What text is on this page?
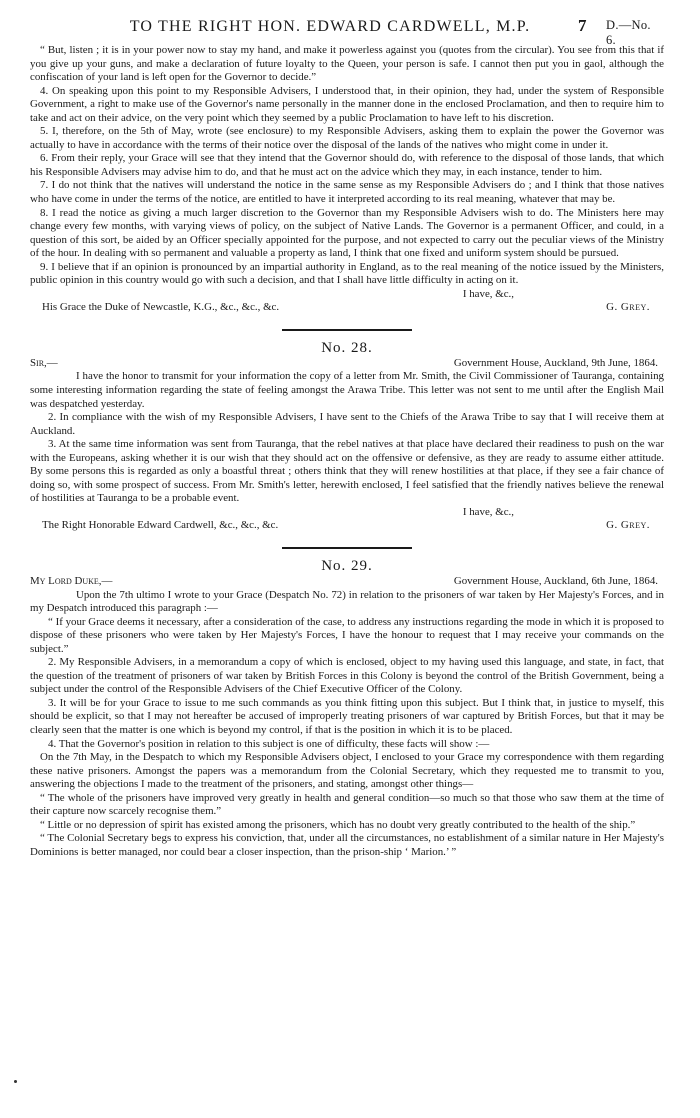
TO THE RIGHT HON. EDWARD CARDWELL, M.P.	7 D.—No. 6.

“ But, listen ; it is in your power now to stay my hand, and make it powerless against you (quotes from the circular). You see from this that if you give up your guns, and make a declaration of future loyalty to the Queen, your person is safe. I cannot then put you in gaol, although the confiscation of your land is left open for the Governor to decide.”

4. On speaking upon this point to my Responsible Advisers, I understood that, in their opinion, they had, under the system of Responsible Government, a right to make use of the Governor's name personally in the manner done in the enclosed Proclamation, and then to require him to take and act on their advice, on the very point which they seemed by a public Proclamation to have left to his discretion.

5. I, therefore, on the 5th of May, wrote (see enclosure) to my Responsible Advisers, asking them to explain the power the Governor was actually to have in accordance with the terms of their notice over the disposal of the lands of the natives who might come in under it.

6. From their reply, your Grace will see that they intend that the Governor should do, with reference to the disposal of those lands, that which his Responsible Advisers may advise him to do, and that he must act on the advice which they may, in each instance, tender to him.

7. I do not think that the natives will understand the notice in the same sense as my Responsible Advisers do ; and I think that those natives who have come in under the terms of the notice, are entitled to have it interpreted according to its real meaning, whatever that may be.

8. I read the notice as giving a much larger discretion to the Governor than my Responsible Advisers wish to do. The Ministers here may change every few months, with varying views of policy, on the subject of Native Lands. The Governor is a permanent Officer, and could, in a question of this sort, be aided by an Officer specially appointed for the purpose, and not expected to carry out the peculiar views of the Ministry of the hour. In dealing with so permanent and valuable a property as land, I think that one fixed and uniform system should be pursued.

9. I believe that if an opinion is pronounced by an impartial authority in England, as to the real meaning of the notice issued by the Ministers, public opinion in this country would go with such a decision, and that I shall have little difficulty in acting on it.

I have, &c.,
His Grace the Duke of Newcastle, K.G., &c., &c., &c.	G. Grey.
No. 28.
Sir,—	Government House, Auckland, 9th June, 1864.

I have the honor to transmit for your information the copy of a letter from Mr. Smith, the Civil Commissioner of Tauranga, containing some interesting information regarding the state of feeling amongst the Arawa Tribe. This letter was not sent to me until after the English Mail was despatched yesterday.

2. In compliance with the wish of my Responsible Advisers, I have sent to the Chiefs of the Arawa Tribe to say that I will receive them at Auckland.

3. At the same time information was sent from Tauranga, that the rebel natives at that place have declared their readiness to push on the war with the Europeans, asking whether it is our wish that they should act on the offensive or defensive, as they are ready to assume either attitude. By some persons this is regarded as only a boastful threat ; others think that they will renew hostilities at that place, if they see a fair chance of doing so, with some prospect of success. From Mr. Smith's letter, herewith enclosed, I feel satisfied that the friendly natives believe the renewal of hostilities at Tauranga to be a probable event.

I have, &c.,
The Right Honorable Edward Cardwell, &c., &c., &c.	G. Grey.
No. 29.
My Lord Duke,—	Government House, Auckland, 6th June, 1864.

Upon the 7th ultimo I wrote to your Grace (Despatch No. 72) in relation to the prisoners of war taken by Her Majesty's Forces, and in my Despatch introduced this paragraph :—

“ If your Grace deems it necessary, after a consideration of the case, to address any instructions regarding the mode in which it is proposed to dispose of these prisoners who were taken by Her Majesty's Forces, I have the honour to request that I may receive your commands on the subject.”

2. My Responsible Advisers, in a memorandum a copy of which is enclosed, object to my having used this language, and state, in fact, that the question of the treatment of prisoners of war taken by British Forces in this Colony is beyond the control of the British Government, being a subject under the control of the Responsible Advisers of the Chief Executive Officer of the Colony.

3. It will be for your Grace to issue to me such commands as you think fitting upon this subject. But I think that, in justice to myself, this should be explicit, so that I may not hereafter be accused of improperly treating prisoners of war captured by British Forces, but that it may be clearly seen that the matter is one which is beyond my control, if that is the position in which it is to be placed.

4. That the Governor's position in relation to this subject is one of difficulty, these facts will show :—

On the 7th May, in the Despatch to which my Responsible Advisers object, I enclosed to your Grace my correspondence with them regarding these native prisoners. Amongst the papers was a memorandum from the Colonial Secretary, which they requested me to transmit to you, answering the objections I made to the treatment of the prisoners, and stating, amongst other things—

“ The whole of the prisoners have improved very greatly in health and general condition—so much so that those who saw them at the time of their capture now scarcely recognise them.”

“ Little or no depression of spirit has existed among the prisoners, which has no doubt very greatly contributed to the health of the ship.”

“ The Colonial Secretary begs to express his conviction, that, under all the circumstances, no establishment of a similar nature in Her Majesty's Dominions is better managed, nor could bear a closer inspection, than the prison-ship ‘ Marion.’ ”
